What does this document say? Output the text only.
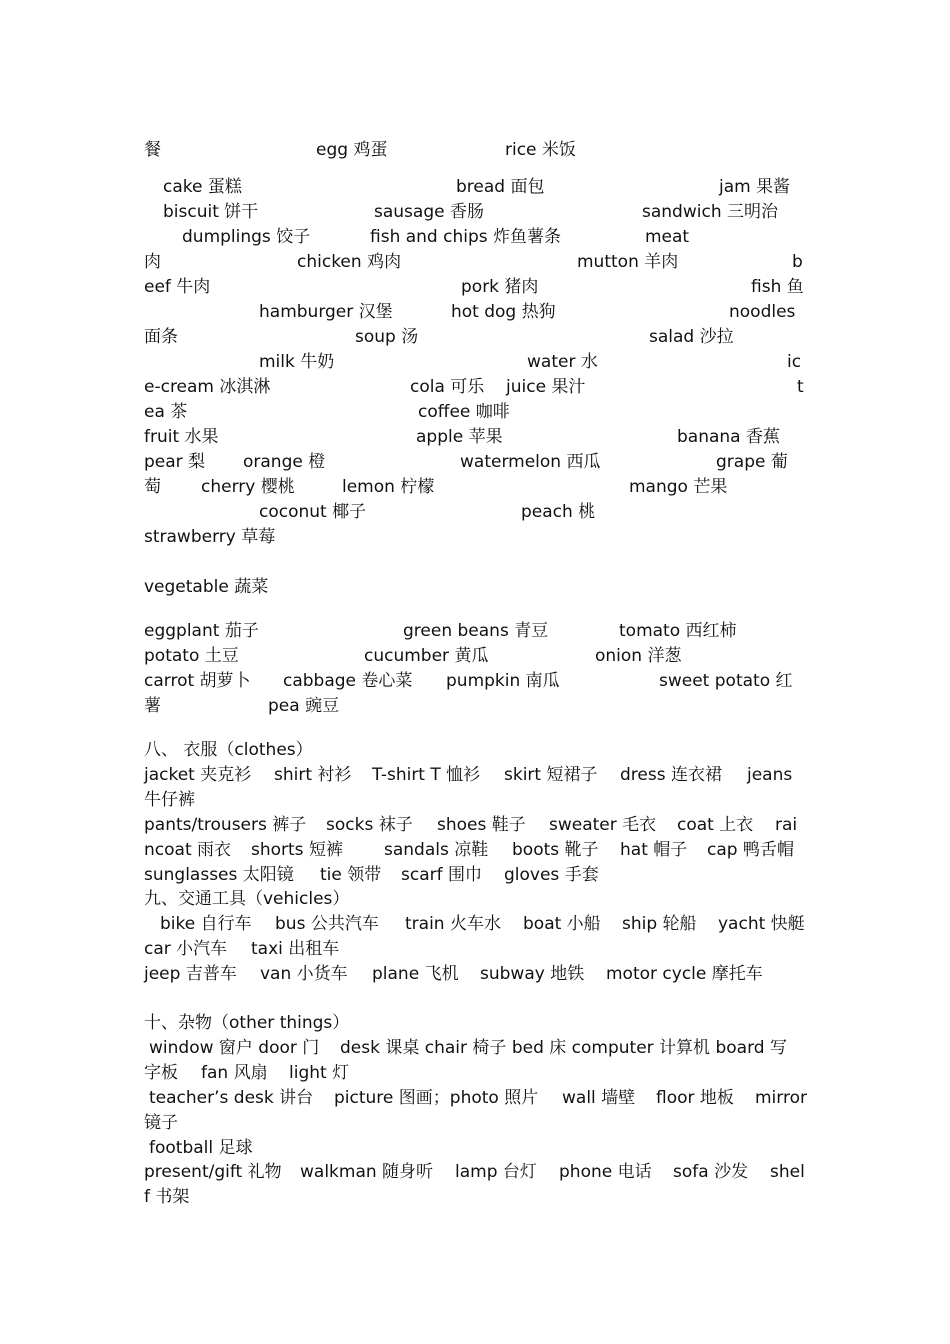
餐	egg 鸡蛋	rice 米饭
cake 蛋糕	bread 面包	jam 果酱
biscuit 饼干	sausage 香肠	sandwich 三明治
dumplings 饺子	fish and chips 炸鱼薯条	meat
肉	chicken 鸡肉	mutton 羊肉	b
eef 牛肉	pork 猪肉	fish 鱼
hamburger 汉堡	hot dog 热狗	noodles
面条	soup 汤	salad 沙拉
milk 牛奶	water 水	ic
e-cream 冰淇淋	cola 可乐 juice 果汁	t
ea 茶	coffee 咖啡
fruit 水果	apple 苹果	banana 香蕉
pear 梨 orange 橙	watermelon 西瓜	grape 葡
萄 cherry 樱桃	lemon 柠檬	mango 芒果
coconut 椰子	peach 桃
strawberry 草莓
vegetable 蔬菜
eggplant 茄子	green beans 青豆	tomato 西红柿
potato 土豆	cucumber 黄瓜	onion 洋葱
carrot 胡萝卜 cabbage 卷心菜 pumpkin 南瓜	sweet potato 红
薯	pea 豌豆
八、 衣服（clothes）
jacket 夹克衫 shirt 衬衫 T-shirt T 恤衫 skirt 短裙子 dress 连衣裙 jeans
牛仔裤
pants/trousers 裤子 socks 袜子 shoes 鞋子 sweater 毛衣 coat 上衣 rai
ncoat 雨衣 shorts 短裤 sandals 凉鞋 boots 靴子 hat 帽子 cap 鸭舌帽
sunglasses 太阳镜 tie 领带 scarf 围巾 gloves 手套
九、交通工具（vehicles）
bike 自行车 bus 公共汽车 train 火车水 boat 小船 ship 轮船 yacht 快艇
car 小汽车 taxi 出租车
jeep 吉普车 van 小货车 plane 飞机 subway 地铁 motor cycle 摩托车
十、杂物（other things）
window 窗户 door 门 desk 课桌 chair 椅子 bed 床 computer 计算机 board 写
字板 fan 风扇 light 灯
teacher’s desk 讲台 picture 图画；photo 照片 wall 墙壁 floor 地板 mirror
镜子
football 足球
present/gift 礼物 walkman 随身听 lamp 台灯 phone 电话 sofa 沙发 shel
f 书架
